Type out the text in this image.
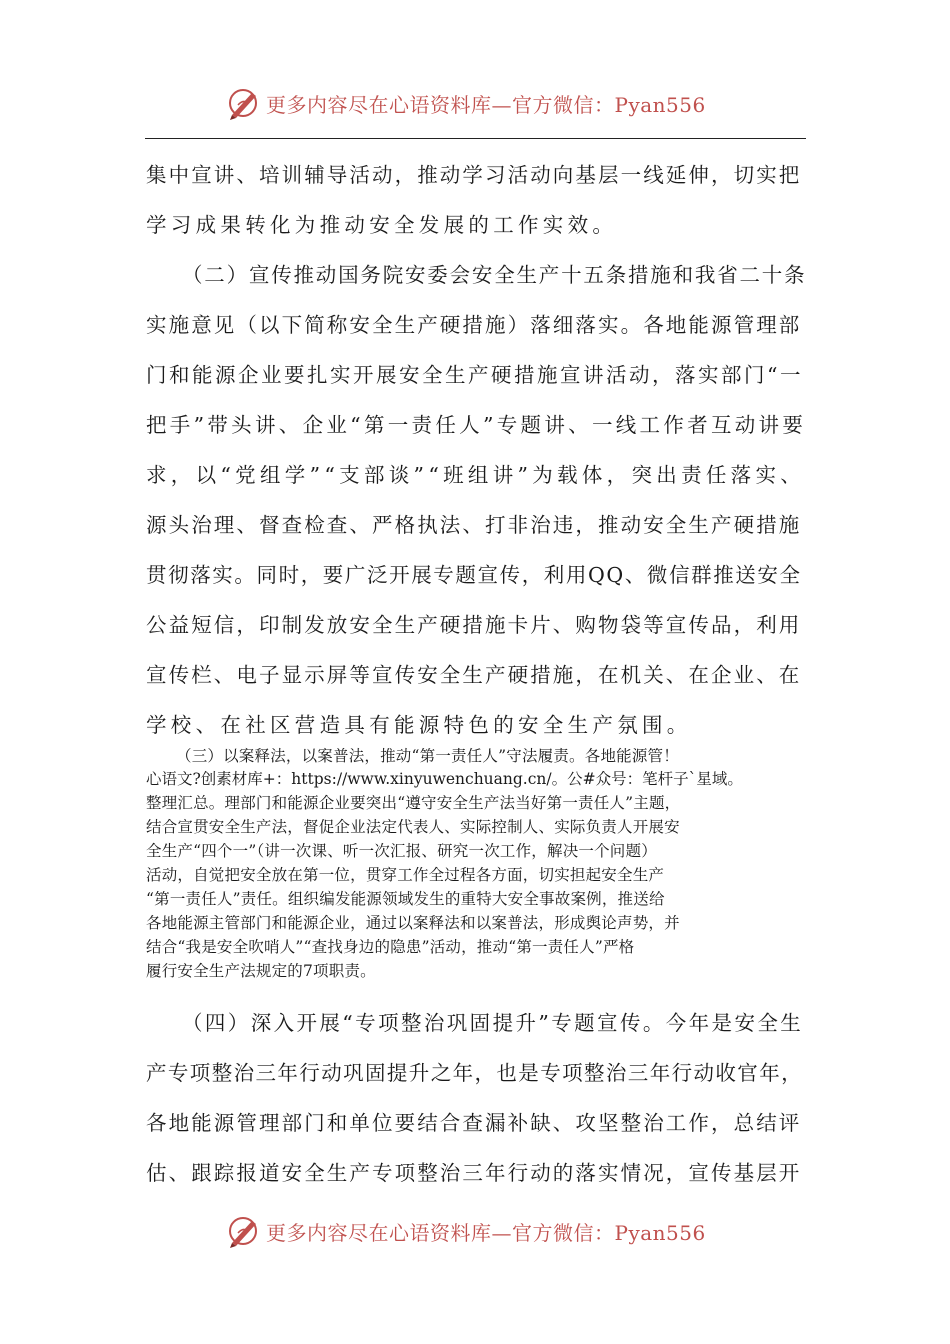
更多内容尽在心语资料库—官方微信：Pyan556
集中宣讲、培训辅导活动，推动学习活动向基层一线延伸，切实把
学习成果转化为推动安全发展的工作实效。
（二）宣传推动国务院安委会安全生产十五条措施和我省二十条
实施意见（以下简称安全生产硬措施）落细落实。各地能源管理部
门和能源企业要扎实开展安全生产硬措施宣讲活动，落实部门“一
把手”带头讲、企业“第一责任人”专题讲、一线工作者互动讲要
求，以“党组学”“支部谈”“班组讲”为载体，突出责任落实、
源头治理、督查检查、严格执法、打非治违，推动安全生产硬措施
贯彻落实。同时，要广泛开展专题宣传，利用QQ、微信群推送安全
公益短信，印制发放安全生产硬措施卡片、购物袋等宣传品，利用
宣传栏、电子显示屏等宣传安全生产硬措施，在机关、在企业、在
学校、在社区营造具有能源特色的安全生产氛围。
（三）以案释法，以案普法，推动“第一责任人”守法履责。各地能源管！
心语文?创素材库+：https://www.xinyuwenchuang.cn/。公#众号：笔杆子`星域。
整理汇总。理部门和能源企业要突出“遵守安全生产法当好第一责任人”主题，
结合宣贯安全生产法，督促企业法定代表人、实际控制人、实际负责人开展安
全生产“四个一”（讲一次课、听一次汇报、研究一次工作，解决一个问题）
活动，自觉把安全放在第一位，贯穿工作全过程各方面，切实担起安全生产
“第一责任人”责任。组织编发能源领域发生的重特大安全事故案例，推送给
各地能源主管部门和能源企业，通过以案释法和以案普法，形成舆论声势，并
结合“我是安全吹哨人”“查找身边的隐患”活动，推动“第一责任人”严格
履行安全生产法规定的7项职责。
（四）深入开展“专项整治巩固提升”专题宣传。今年是安全生
产专项整治三年行动巩固提升之年，也是专项整治三年行动收官年，
各地能源管理部门和单位要结合查漏补缺、攻坚整治工作，总结评
估、跟踪报道安全生产专项整治三年行动的落实情况，宣传基层开
更多内容尽在心语资料库—官方微信：Pyan556
